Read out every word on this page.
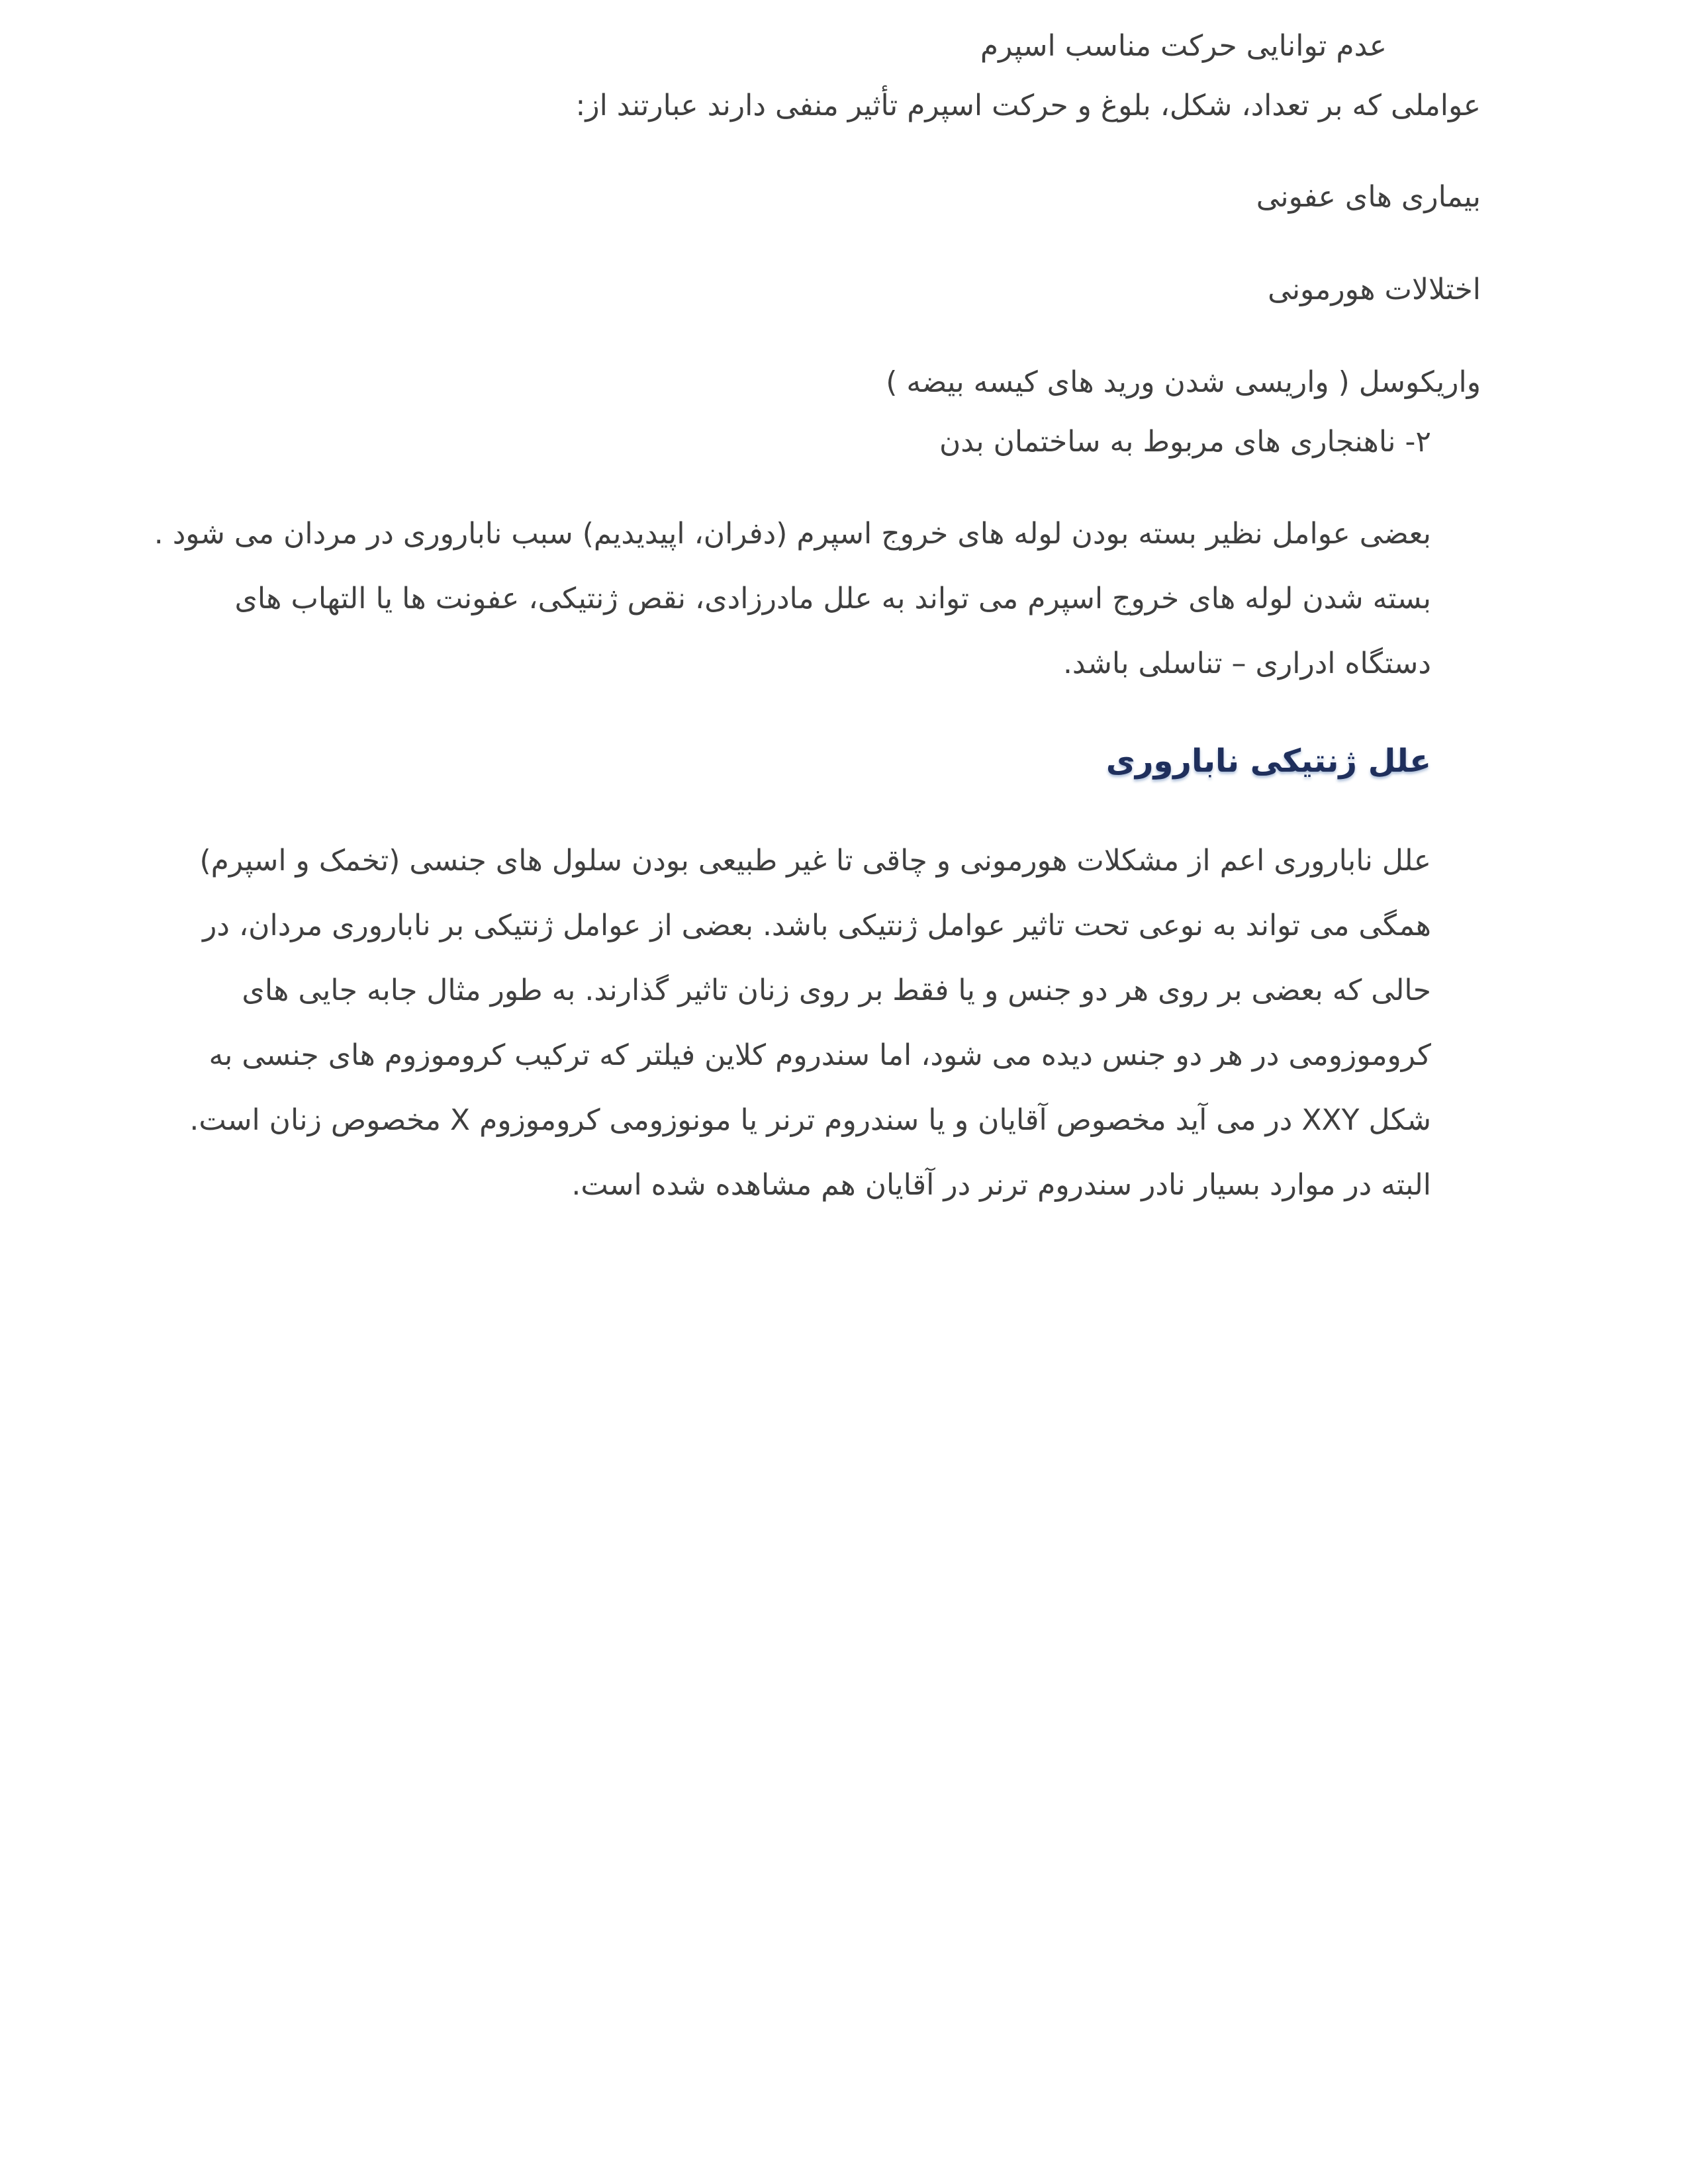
عدم توانایی حرکت مناسب اسپرم
عواملی که بر تعداد، شکل، بلوغ و حرکت اسپرم تأثیر منفی دارند عبارتند از:
بیماری های عفونی
اختلالات هورمونی
واریکوسل ( واریسی شدن ورید های کیسه بیضه )
۲- ناهنجاری های مربوط به ساختمان بدن
بعضی عوامل نظیر بسته بودن لوله های خروج اسپرم (دفران، اپیدیدیم) سبب ناباروری در مردان می شود .
بسته شدن لوله های خروج اسپرم می تواند به علل مادرزادی، نقص ژنتیکی، عفونت ها یا التهاب های
دستگاه ادراری – تناسلی باشد.
علل ژنتیکی ناباروری
علل ناباروری اعم از مشکلات هورمونی و چاقی تا غیر طبیعی بودن سلول های جنسی (تخمک و اسپرم)
همگی می تواند به نوعی تحت تاثیر عوامل ژنتیکی باشد. بعضی از عوامل ژنتیکی بر ناباروری مردان، در
حالی که بعضی بر روی هر دو جنس و یا فقط بر روی زنان تاثیر گذارند. به طور مثال جابه جایی های
کروموزومی در هر دو جنس دیده می شود، اما سندروم کلاین فیلتر که ترکیب کروموزوم های جنسی به
شکل XXY در می آید مخصوص آقایان و یا سندروم ترنر یا مونوزومی کروموزوم X مخصوص زنان است.
البته در موارد بسیار نادر سندروم ترنر در آقایان هم مشاهده شده است.
